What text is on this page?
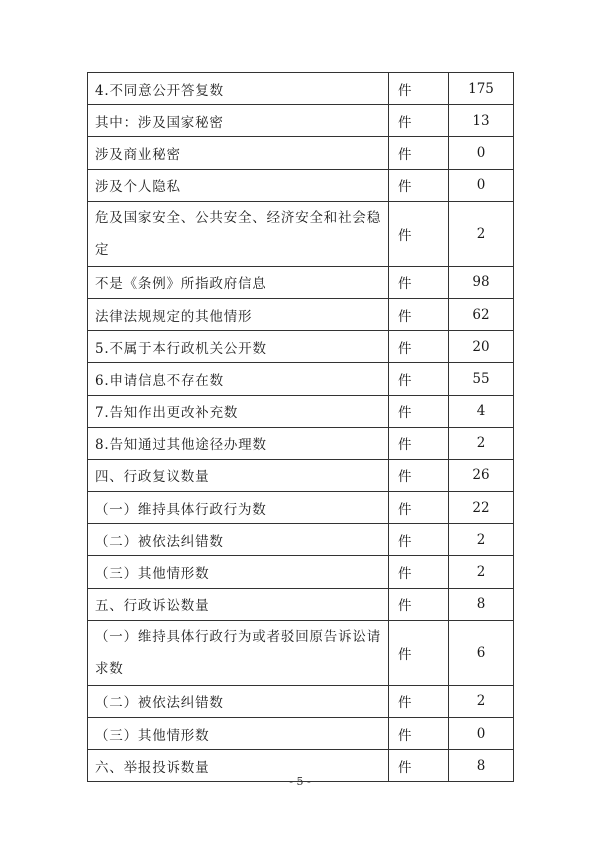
4.不同意公开答复数	件	175

其中：涉及国家秘密	件	13

涉及商业秘密	件	0

涉及个人隐私	件	0

危及国家安全、公共安全、经济安全和社会稳定	件	2

不是《条例》所指政府信息	件	98

法律法规规定的其他情形	件	62

5.不属于本行政机关公开数	件	20

6.申请信息不存在数	件	55

7.告知作出更改补充数	件	4

8.告知通过其他途径办理数	件	2

四、行政复议数量	件	26

（一）维持具体行政行为数	件	22

（二）被依法纠错数	件	2

（三）其他情形数	件	2

五、行政诉讼数量	件	8

（一）维持具体行政行为或者驳回原告诉讼请求数	件	6

（二）被依法纠错数	件	2

（三）其他情形数	件	0

六、举报投诉数量	件	8
- 5 -
